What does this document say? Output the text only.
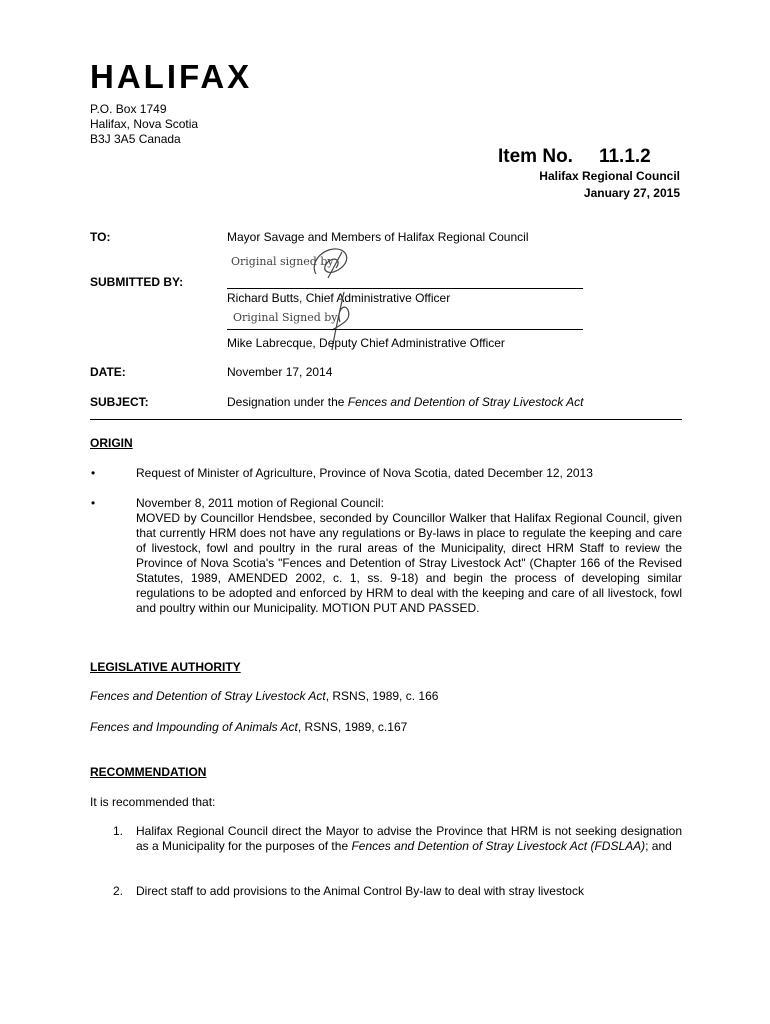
HALIFAX
P.O. Box 1749
Halifax, Nova Scotia
B3J 3A5 Canada
Item No. 11.1.2
Halifax Regional Council
January 27, 2015
TO:	Mayor Savage and Members of Halifax Regional Council
Original signed by
SUBMITTED BY:
Richard Butts, Chief Administrative Officer
Original Signed by
Mike Labrecque, Deputy Chief Administrative Officer
DATE:	November 17, 2014
SUBJECT:	Designation under the Fences and Detention of Stray Livestock Act
ORIGIN
•	Request of Minister of Agriculture, Province of Nova Scotia, dated December 12, 2013
•	November 8, 2011 motion of Regional Council:
MOVED by Councillor Hendsbee, seconded by Councillor Walker that Halifax Regional Council, given that currently HRM does not have any regulations or By-laws in place to regulate the keeping and care of livestock, fowl and poultry in the rural areas of the Municipality, direct HRM Staff to review the Province of Nova Scotia's "Fences and Detention of Stray Livestock Act" (Chapter 166 of the Revised Statutes, 1989, AMENDED 2002, c. 1, ss. 9-18) and begin the process of developing similar regulations to be adopted and enforced by HRM to deal with the keeping and care of all livestock, fowl and poultry within our Municipality. MOTION PUT AND PASSED.
LEGISLATIVE AUTHORITY
Fences and Detention of Stray Livestock Act, RSNS, 1989, c. 166
Fences and Impounding of Animals Act, RSNS, 1989, c.167
RECOMMENDATION
It is recommended that:
1. Halifax Regional Council direct the Mayor to advise the Province that HRM is not seeking designation as a Municipality for the purposes of the Fences and Detention of Stray Livestock Act (FDSLAA); and
2. Direct staff to add provisions to the Animal Control By-law to deal with stray livestock
